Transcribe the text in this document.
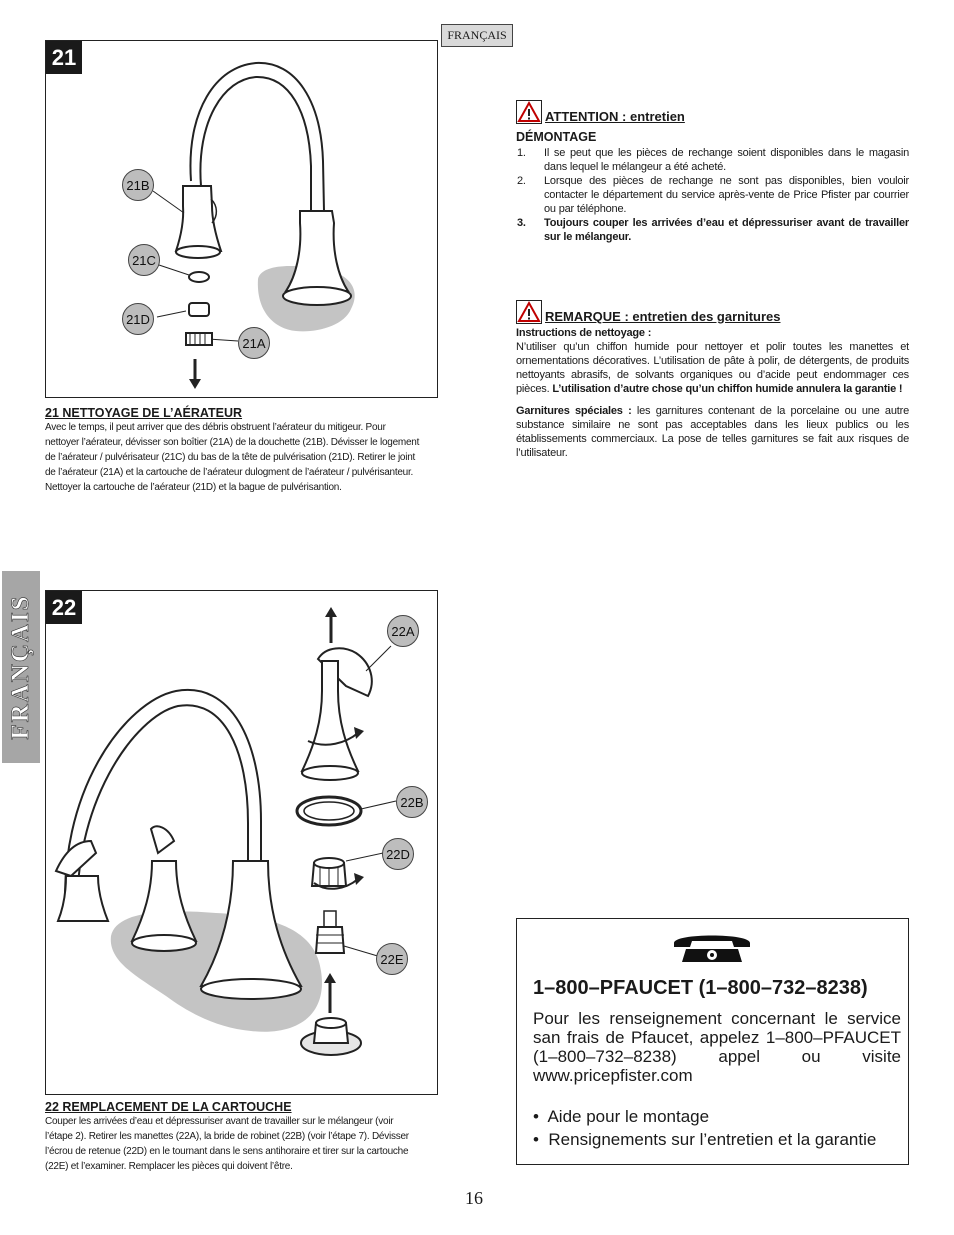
FRANÇAIS
FRANÇAIS
21
21B
21C
21D
21A
21 NETTOYAGE DE L’AÉRATEUR
Avec le temps, il peut arriver que des débris obstruent l’aérateur du mitigeur. Pour
nettoyer l’aérateur, dévisser son boîtier (21A) de la douchette (21B). Dévisser le logement
de l’aérateur / pulvérisateur (21C) du bas de la tête de pulvérisation (21D). Retirer le joint
de l’aérateur (21A) et la cartouche de l’aérateur dulogment de l’aérateur / pulvérisanteur.
Nettoyer la cartouche de l’aérateur (21D) et la bague de pulvérisantion.
22
22A
22B
22D
22E
22 REMPLACEMENT DE LA CARTOUCHE
Couper les arrivées d’eau et dépressuriser avant de travailler sur le mélangeur (voir
l’étape 2). Retirer les manettes (22A), la bride de robinet (22B) (voir l’étape 7). Dévisser
l’écrou de retenue (22D) en le tournant dans le sens antihoraire et tirer sur la cartouche
(22E) et l’examiner. Remplacer les pièces qui doivent l’être.
ATTENTION : entretien
DÉMONTAGE
1. Il se peut que les pièces de rechange soient disponibles dans le magasin dans lequel le mélangeur a été acheté.
2. Lorsque des pièces de rechange ne sont pas disponibles, bien vouloir contacter le département du service après-vente de Price Pfister par courrier ou par téléphone.
3. Toujours couper les arrivées d’eau et dépressuriser avant de travailler sur le mélangeur.
REMARQUE : entretien des garnitures
Instructions de nettoyage :
N’utiliser qu’un chiffon humide pour nettoyer et polir toutes les manettes et ornementations décoratives. L’utilisation de pâte à polir, de détergents, de produits nettoyants abrasifs, de solvants organiques ou d’acide peut endommager ces pièces. L’utilisation d’autre chose qu’un chiffon humide annulera la garantie !
Garnitures spéciales : les garnitures contenant de la porcelaine ou une autre substance similaire ne sont pas acceptables dans les lieux publics ou les établissements commerciaux. La pose de telles garnitures se fait aux risques de l’utilisateur.
1–800–PFAUCET (1–800–732–8238)
Pour les renseignement concernant le service san frais de Pfaucet, appelez 1–800–PFAUCET (1–800–732–8238) appel ou visite www.pricepfister.com
•  Aide pour le montage
•  Rensignements sur l’entretien et la garantie
16
